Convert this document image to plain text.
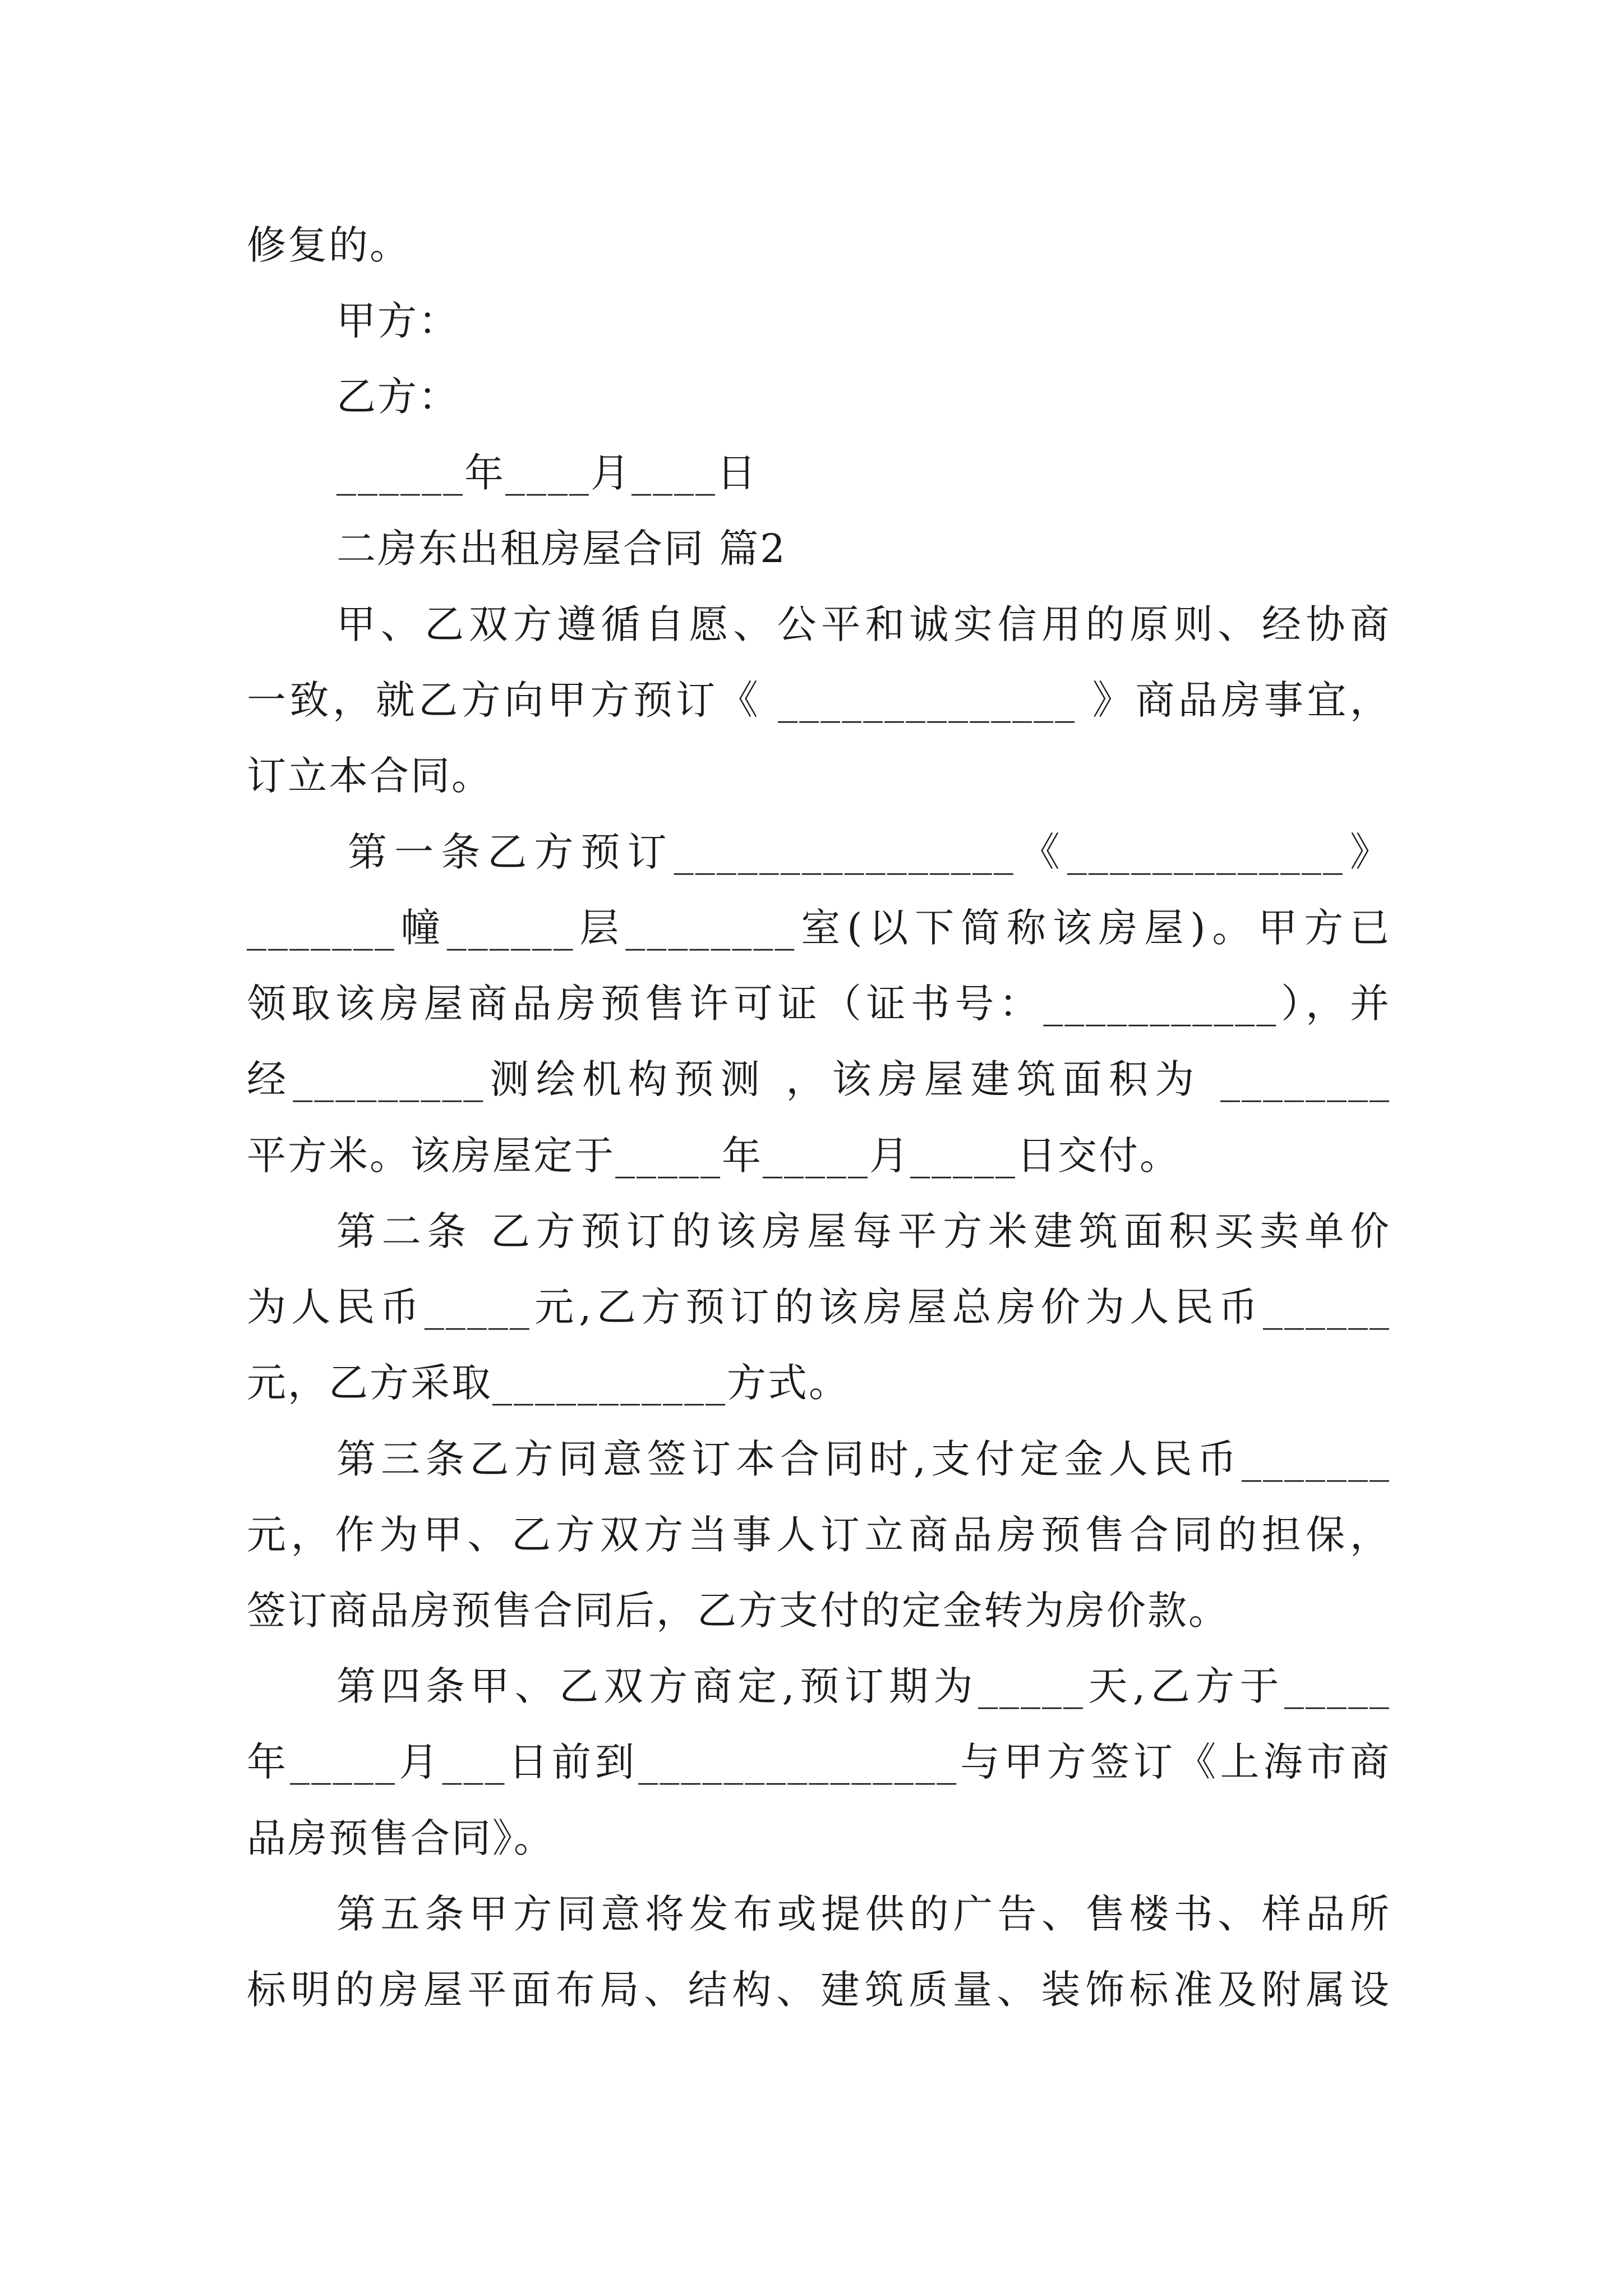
修复的。
甲方：
乙方：
______年____月____日
二房东出租房屋合同 篇2
甲、乙双方遵循自愿、公平和诚实信用的原则、经协商
一致，就乙方向甲方预订《 ______________ 》商品房事宜，
订立本合同。
第一条乙方预订________________《_____________》
_______幢______层________室(以下简称该房屋)。甲方已
领取该房屋商品房预售许可证（证书号：___________），并
经_________测绘机构预测 ，该房屋建筑面积为 ________
平方米。该房屋定于_____年_____月_____日交付。
第二条 乙方预订的该房屋每平方米建筑面积买卖单价
为人民币_____元,乙方预订的该房屋总房价为人民币______
元，乙方采取___________方式。
第三条乙方同意签订本合同时,支付定金人民币_______
元，作为甲、乙方双方当事人订立商品房预售合同的担保，
签订商品房预售合同后，乙方支付的定金转为房价款。
第四条甲、乙双方商定,预订期为_____天,乙方于_____
年_____月___日前到_______________与甲方签订《上海市商
品房预售合同》。
第五条甲方同意将发布或提供的广告、售楼书、样品所
标明的房屋平面布局、结构、建筑质量、装饰标准及附属设
